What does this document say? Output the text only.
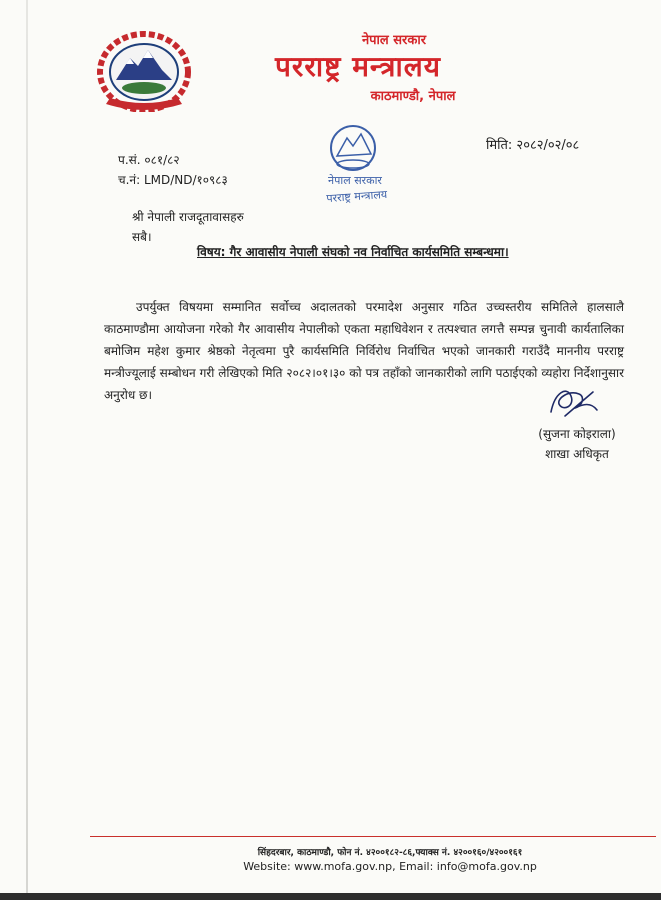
नेपाल सरकार
परराष्ट्र मन्त्रालय
काठमाण्डौ, नेपाल
नेपाल सरकार
परराष्ट्र मन्त्रालय
मिति: २०८२/०२/०८
प.सं. ०८१/८२
च.नं: LMD/ND/१०९८३
श्री नेपाली राजदूतावासहरु
सबै।
विषय: गैर आवासीय नेपाली संघको नव निर्वाचित कार्यसमिति सम्बन्धमा।
उपर्युक्त विषयमा सम्मानित सर्वोच्च अदालतको परमादेश अनुसार गठित उच्चस्तरीय समितिले हालसालै काठमाण्डौमा आयोजना गरेको गैर आवासीय नेपालीको एकता महाधिवेशन र तत्पश्चात लगत्तै सम्पन्न चुनावी कार्यतालिका बमोजिम महेश कुमार श्रेष्ठको नेतृत्वमा पुरै कार्यसमिति निर्विरोध निर्वाचित भएको जानकारी गराउँदै माननीय परराष्ट्र मन्त्रीज्यूलाई सम्बोधन गरी लेखिएको मिति २०८२।०१।३० को पत्र तहाँको जानकारीको लागि पठाईएको व्यहोरा निर्देशानुसार अनुरोध छ।
(सुजना कोइराला)
शाखा अधिकृत
सिंहदरबार, काठमाण्डौ, फोन नं. ४२००१८२-८६,फ्याक्स नं. ४२००१६०/४२००१६१
Website: www.mofa.gov.np, Email: info@mofa.gov.np
